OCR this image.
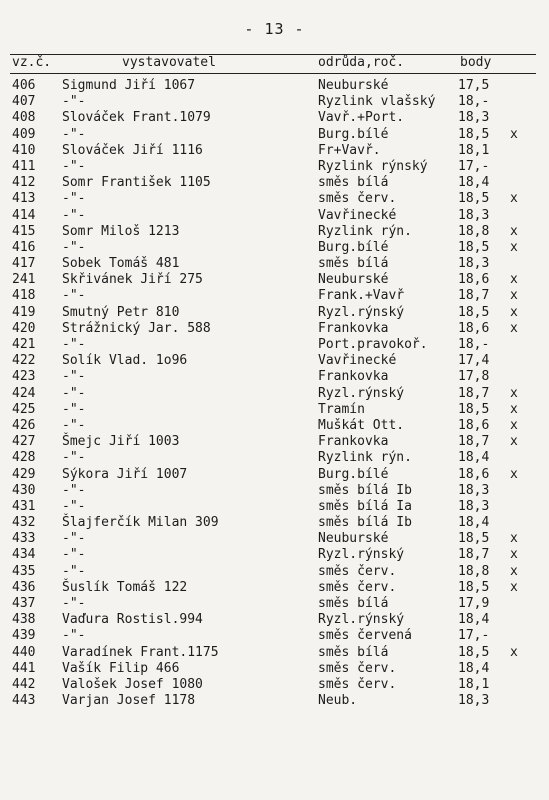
- 13 -
vz.č.	vystavovatel	odrůda,roč.	body
406 Sigmund Jiří 1067	Neuburské	17,5
407 -"-	Ryzlink vlašský 18,-
408 Slováček Frant.1079	Vavř.+Port.	18,3
409 -"-	Burg.bílé	18,5 x
410 Slováček Jiří 1116	Fr+Vavř.	18,1
411 -"-	Ryzlink rýnský 17,-
412 Somr František 1105	směs bílá	18,4
413 -"-	směs červ.	18,5 x
414 -"-	Vavřinecké	18,3
415 Somr Miloš 1213	Ryzlink rýn.	18,8 x
416 -"-	Burg.bílé	18,5 x
417 Sobek Tomáš 481	směs bílá	18,3
241 Skřivánek Jiří 275	Neuburské	18,6 x
418 -"-	Frank.+Vavř	18,7 x
419 Smutný Petr 810	Ryzl.rýnský	18,5 x
420 Strážnický Jar. 588	Frankovka	18,6 x
421 -"-	Port.pravokoř. 18,-
422 Solík Vlad. 1o96	Vavřinecké	17,4
423 -"-	Frankovka	17,8
424 -"-	Ryzl.rýnský	18,7 x
425 -"-	Tramín	18,5 x
426 -"-	Muškát Ott.	18,6 x
427 Šmejc Jiří 1003	Frankovka	18,7 x
428 -"-	Ryzlink rýn.	18,4
429 Sýkora Jiří 1007	Burg.bílé	18,6 x
430 -"-	směs bílá Ib	18,3
431 -"-	směs bílá Ia	18,3
432 Šlajferčík Milan 309	směs bílá Ib	18,4
433 -"-	Neuburské	18,5 x
434 -"-	Ryzl.rýnský	18,7 x
435 -"-	směs červ.	18,8 x
436 Šuslík Tomáš 122	směs červ.	18,5 x
437 -"-	směs bílá	17,9
438 Vaďura Rostisl.994	Ryzl.rýnský	18,4
439 -"-	směs červená	17,-
440 Varadínek Frant.1175	směs bílá	18,5 x
441 Vašík Filip 466	směs červ.	18,4
442 Valošek Josef 1080	směs červ.	18,1
443 Varjan Josef 1178	Neub.	18,3
